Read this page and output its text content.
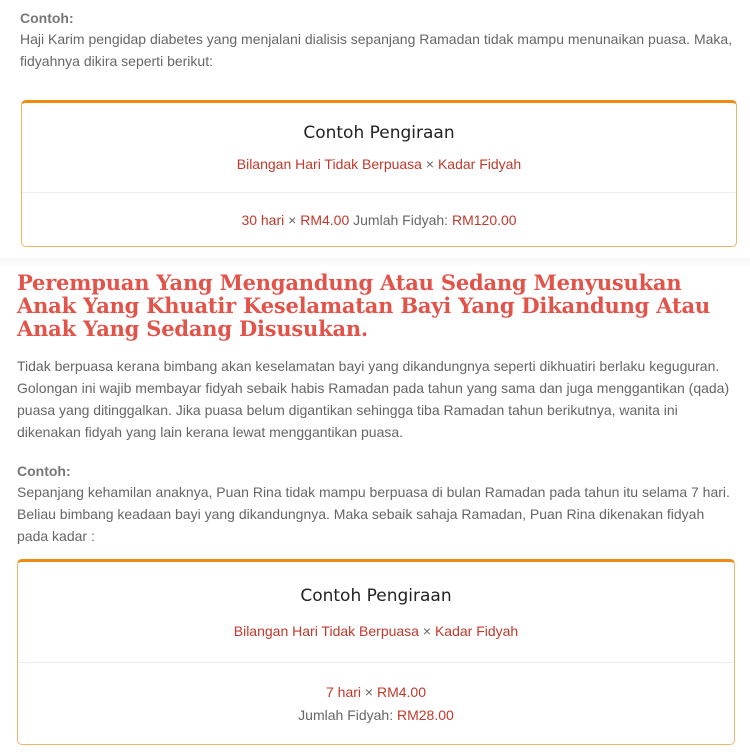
Contoh:

Haji Karim pengidap diabetes yang menjalani dialisis sepanjang Ramadan tidak mampu menunaikan puasa. Maka, fidyahnya dikira seperti berikut:

Contoh Pengiraan
Bilangan Hari Tidak Berpuasa × Kadar Fidyah
30 hari × RM4.00 Jumlah Fidyah: RM120.00
Perempuan Yang Mengandung Atau Sedang Menyusukan Anak Yang Khuatir Keselamatan Bayi Yang Dikandung Atau Anak Yang Sedang Disusukan.

Tidak berpuasa kerana bimbang akan keselamatan bayi yang dikandungnya seperti dikhuatiri berlaku keguguran. Golongan ini wajib membayar fidyah sebaik habis Ramadan pada tahun yang sama dan juga menggantikan (qada) puasa yang ditinggalkan. Jika puasa belum digantikan sehingga tiba Ramadan tahun berikutnya, wanita ini dikenakan fidyah yang lain kerana lewat menggantikan puasa.

Contoh:

Sepanjang kehamilan anaknya, Puan Rina tidak mampu berpuasa di bulan Ramadan pada tahun itu selama 7 hari. Beliau bimbang keadaan bayi yang dikandungnya. Maka sebaik sahaja Ramadan, Puan Rina dikenakan fidyah pada kadar :

Contoh Pengiraan
Bilangan Hari Tidak Berpuasa × Kadar Fidyah
7 hari × RM4.00
Jumlah Fidyah: RM28.00
